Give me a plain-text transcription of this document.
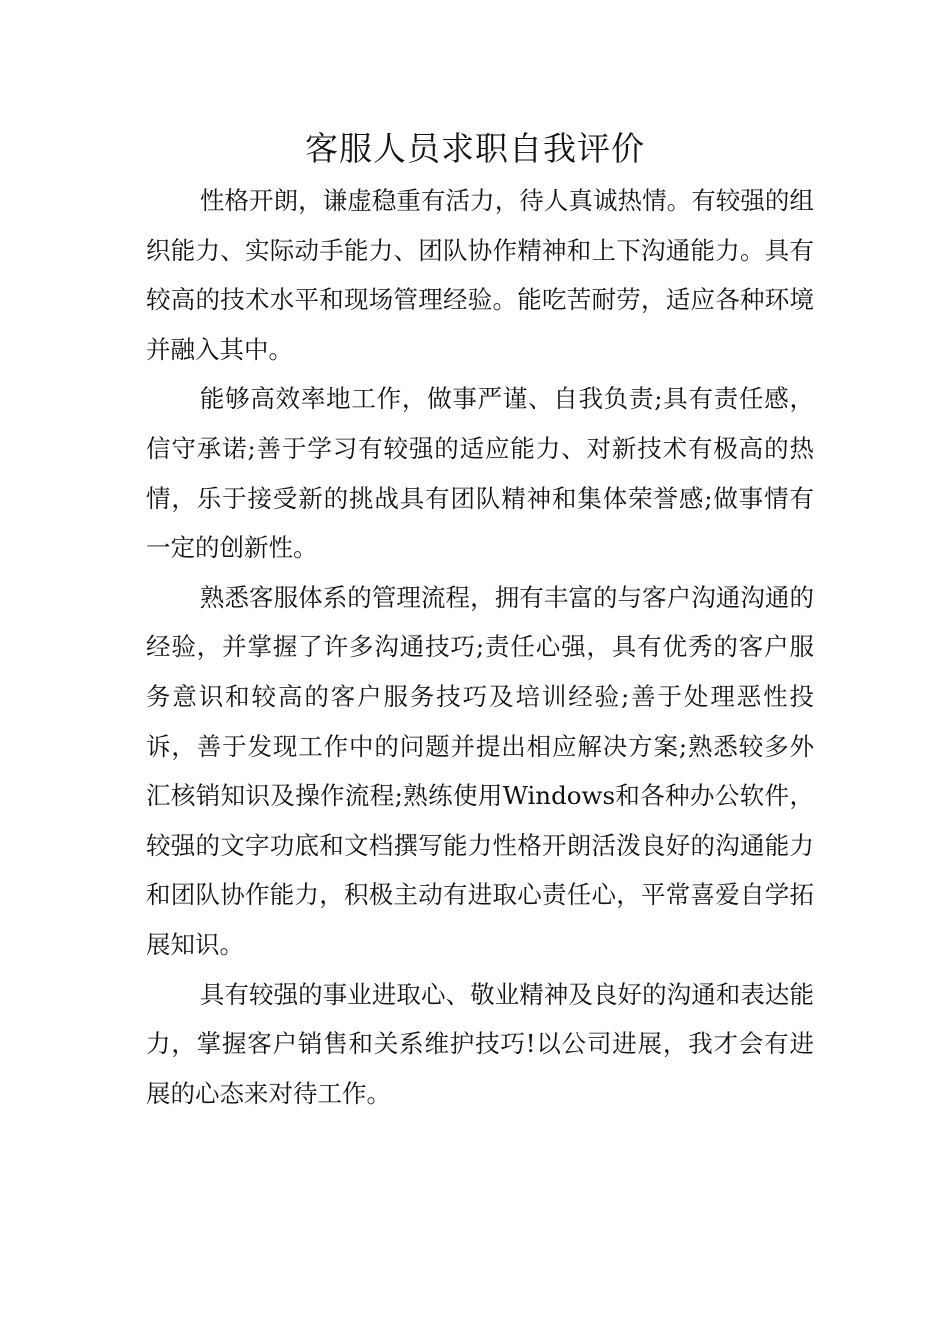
客服人员求职自我评价

性格开朗，谦虚稳重有活力，待人真诚热情。有较强的组织能力、实际动手能力、团队协作精神和上下沟通能力。具有较高的技术水平和现场管理经验。能吃苦耐劳，适应各种环境并融入其中。

能够高效率地工作，做事严谨、自我负责;具有责任感，信守承诺;善于学习有较强的适应能力、对新技术有极高的热情，乐于接受新的挑战具有团队精神和集体荣誉感;做事情有一定的创新性。

熟悉客服体系的管理流程，拥有丰富的与客户沟通沟通的经验，并掌握了许多沟通技巧;责任心强，具有优秀的客户服务意识和较高的客户服务技巧及培训经验;善于处理恶性投诉，善于发现工作中的问题并提出相应解决方案;熟悉较多外汇核销知识及操作流程;熟练使用Windows和各种办公软件，较强的文字功底和文档撰写能力性格开朗活泼良好的沟通能力和团队协作能力，积极主动有进取心责任心，平常喜爱自学拓展知识。

具有较强的事业进取心、敬业精神及良好的沟通和表达能力，掌握客户销售和关系维护技巧!以公司进展，我才会有进展的心态来对待工作。
